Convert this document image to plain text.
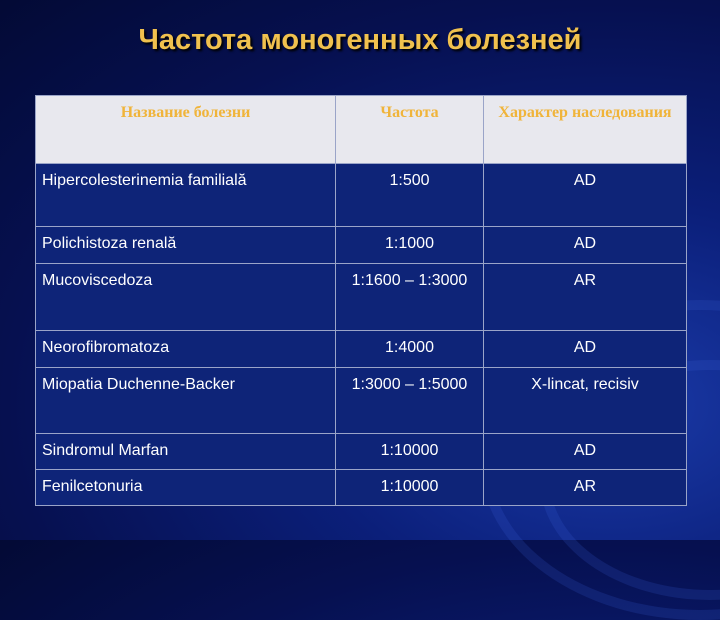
Частота моногенных болезней
Название болезни	Частота	Характер наследования

Hipercolesterinemia familială	1:500	AD

Polichistoza renală	1:1000	AD

Mucoviscedoza	1:1600 – 1:3000	AR

Neorofibromatoza	1:4000	AD

Miopatia Duchenne-Backer	1:3000 – 1:5000	X-lincat, recisiv

Sindromul Marfan	1:10000	AD

Fenilcetonuria	1:10000	AR
